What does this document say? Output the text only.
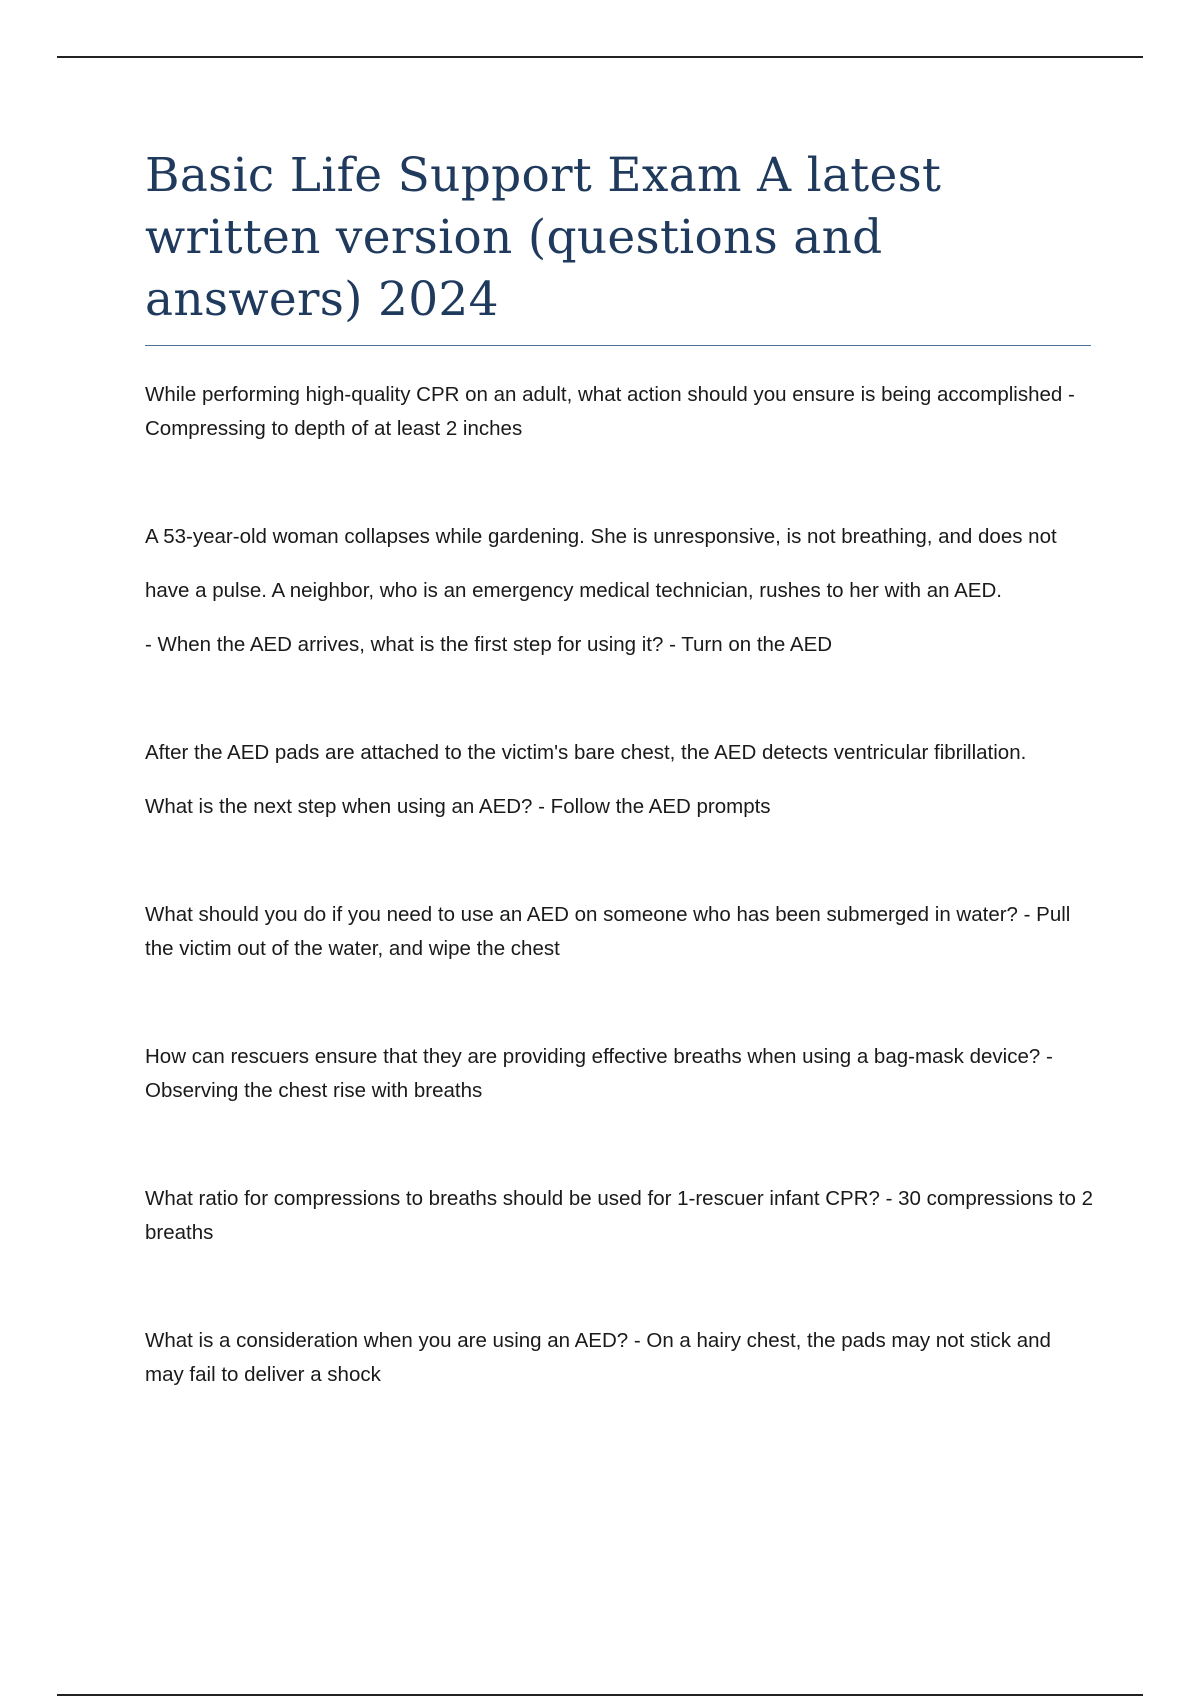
Basic Life Support Exam A latest written version (questions and answers) 2024

While performing high-quality CPR on an adult, what action should you ensure is being accomplished - Compressing to depth of at least 2 inches

A 53-year-old woman collapses while gardening. She is unresponsive, is not breathing, and does not

have a pulse. A neighbor, who is an emergency medical technician, rushes to her with an AED.

- When the AED arrives, what is the first step for using it? - Turn on the AED

After the AED pads are attached to the victim's bare chest, the AED detects ventricular fibrillation.

What is the next step when using an AED? - Follow the AED prompts

What should you do if you need to use an AED on someone who has been submerged in water? - Pull the victim out of the water, and wipe the chest

How can rescuers ensure that they are providing effective breaths when using a bag-mask device? - Observing the chest rise with breaths

What ratio for compressions to breaths should be used for 1-rescuer infant CPR? - 30 compressions to 2 breaths

What is a consideration when you are using an AED? - On a hairy chest, the pads may not stick and may fail to deliver a shock
